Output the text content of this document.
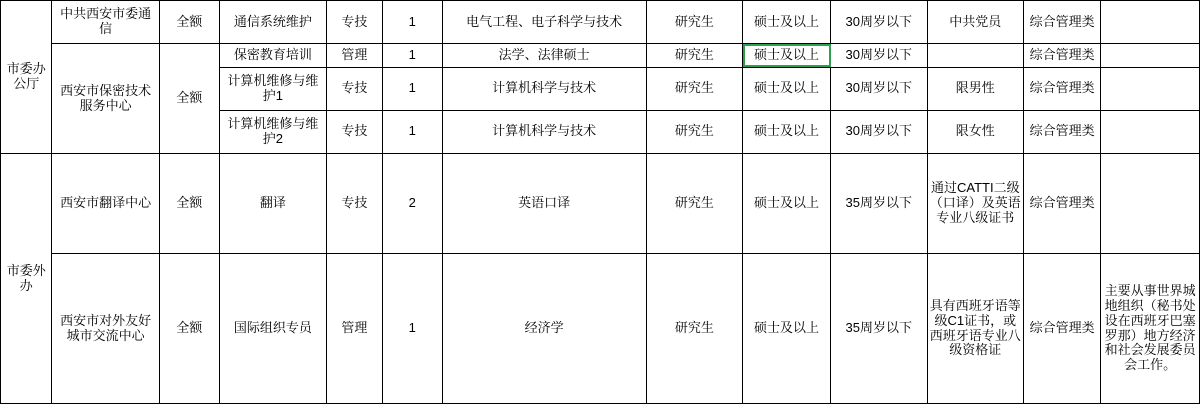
市委办公厅	中共西安市委通信	全额	通信系统维护	专技	1	电气工程、电子科学与技术	研究生	硕士及以上	30周岁以下	中共党员	综合管理类	

	西安市保密技术服务中心	全额	保密教育培训	管理	1	法学、法律硕士	研究生	硕士及以上	30周岁以下		综合管理类	

			计算机维修与维护1	专技	1	计算机科学与技术	研究生	硕士及以上	30周岁以下	限男性	综合管理类	

			计算机维修与维护2	专技	1	计算机科学与技术	研究生	硕士及以上	30周岁以下	限女性	综合管理类	

市委外办	西安市翻译中心	全额	翻译	专技	2	英语口译	研究生	硕士及以上	35周岁以下	通过CATTI二级（口译）及英语专业八级证书	综合管理类	

	西安市对外友好城市交流中心	全额	国际组织专员	管理	1	经济学	研究生	硕士及以上	35周岁以下	具有西班牙语等级C1证书，或西班牙语专业八级资格证	综合管理类	主要从事世界城地组织（秘书处设在西班牙巴塞罗那）地方经济和社会发展委员会工作。
